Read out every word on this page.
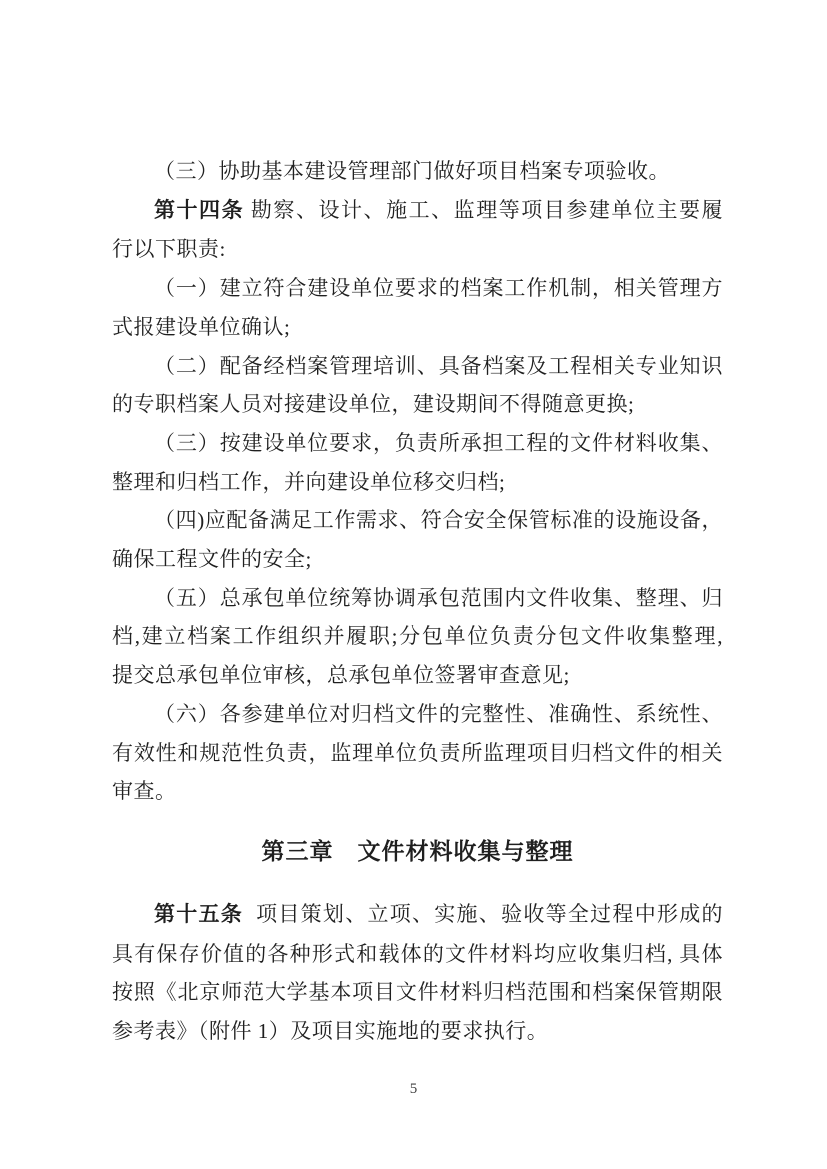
（三）协助基本建设管理部门做好项目档案专项验收。
第十四条 勘察、设计、施工、监理等项目参建单位主要履
行以下职责:
（一）建立符合建设单位要求的档案工作机制，相关管理方
式报建设单位确认;
（二）配备经档案管理培训、具备档案及工程相关专业知识
的专职档案人员对接建设单位，建设期间不得随意更换;
（三）按建设单位要求，负责所承担工程的文件材料收集、
整理和归档工作，并向建设单位移交归档;
（四)应配备满足工作需求、符合安全保管标准的设施设备，
确保工程文件的安全;
（五）总承包单位统筹协调承包范围内文件收集、整理、归
档,建立档案工作组织并履职;分包单位负责分包文件收集整理,
提交总承包单位审核，总承包单位签署审查意见;
（六）各参建单位对归档文件的完整性、准确性、系统性、
有效性和规范性负责，监理单位负责所监理项目归档文件的相关
审查。
第三章　文件材料收集与整理
第十五条  项目策划、立项、实施、验收等全过程中形成的
具有保存价值的各种形式和载体的文件材料均应收集归档, 具体
按照《北京师范大学基本项目文件材料归档范围和档案保管期限
参考表》（附件 1）及项目实施地的要求执行。
5
